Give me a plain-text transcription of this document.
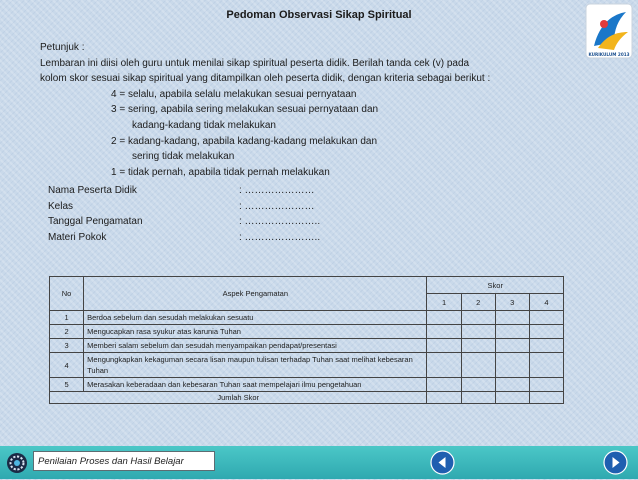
Pedoman Observasi Sikap Spiritual
KURIKULUM 2013
Petunjuk :
Lembaran ini diisi oleh guru untuk menilai sikap spiritual peserta didik. Berilah tanda cek (v) pada
kolom skor sesuai sikap spiritual yang ditampilkan oleh peserta didik, dengan kriteria sebagai berikut :
4 = selalu, apabila selalu melakukan sesuai pernyataan
3 = sering, apabila sering melakukan sesuai pernyataan dan
kadang-kadang tidak melakukan
2 = kadang-kadang, apabila kadang-kadang melakukan dan
sering tidak melakukan
1 = tidak pernah, apabila tidak pernah melakukan
Nama Peserta Didik	: …………………
Kelas	: …………………
Tanggal Pengamatan	: …………………..
Materi Pokok	: …………………..
No	Aspek Pengamatan	Skor			
		1	2	3	4
1	Berdoa sebelum dan sesudah melakukan sesuatu				
2	Mengucapkan rasa syukur atas karunia Tuhan				
3	Memberi salam sebelum dan sesudah menyampaikan pendapat/presentasi				
4	Mengungkapkan kekaguman secara lisan maupun tulisan terhadap Tuhan saat melihat kebesaran Tuhan				
5	Merasakan keberadaan dan kebesaran Tuhan saat mempelajari ilmu pengetahuan				
Jumlah Skor					
Penilaian Proses dan Hasil Belajar
